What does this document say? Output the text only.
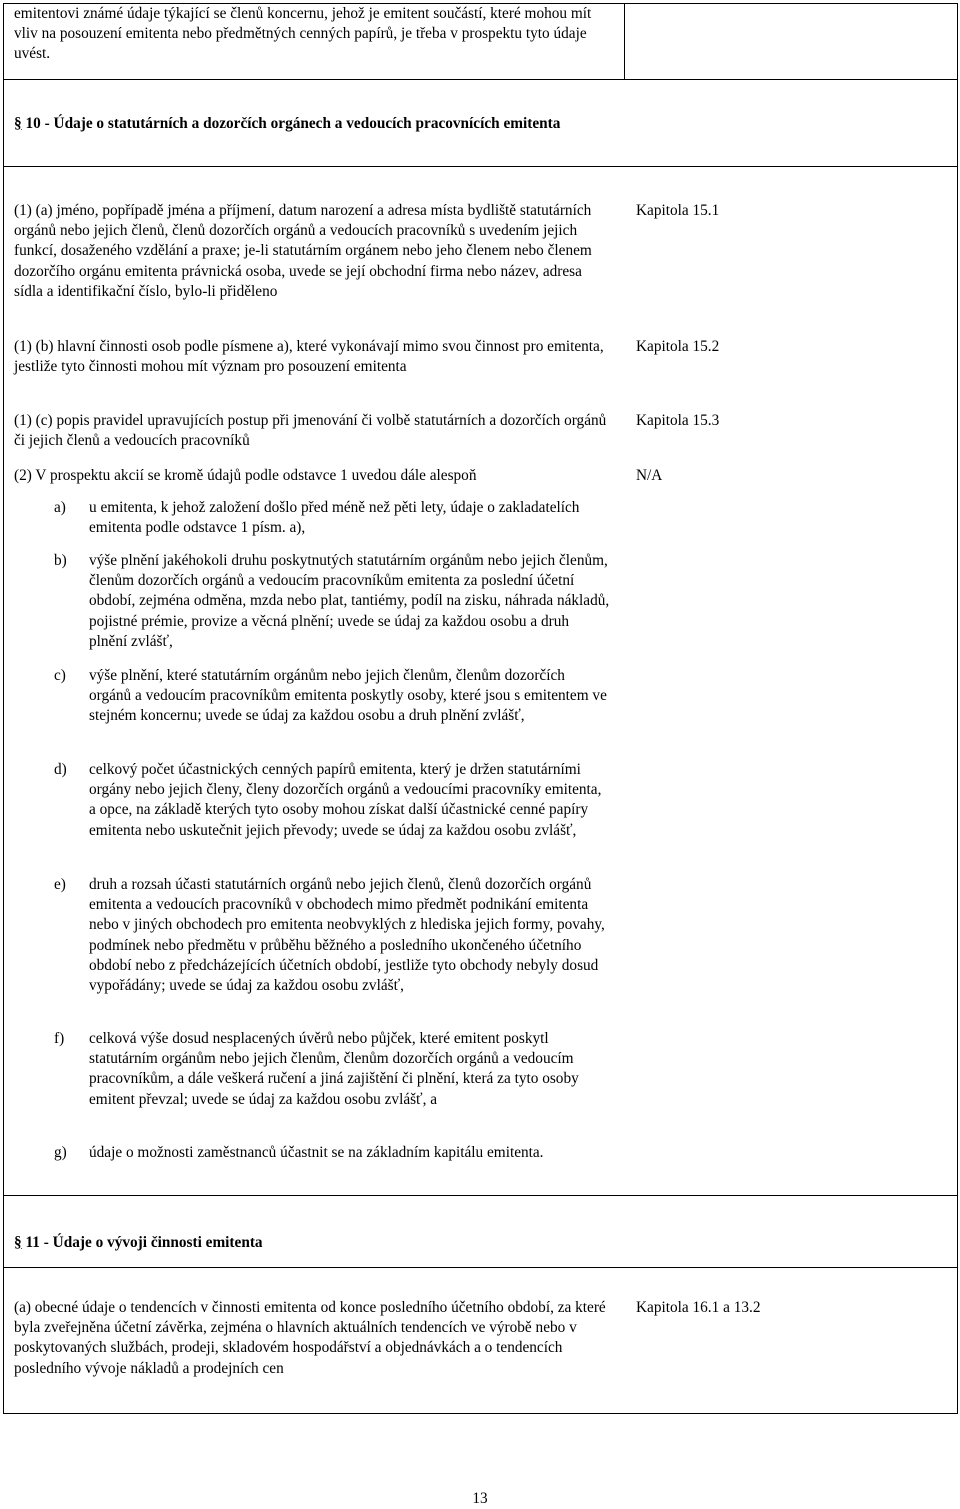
emitentovi známé údaje týkající se členů koncernu, jehož je emitent součástí, které mohou mít vliv na posouzení emitenta nebo předmětných cenných papírů, je třeba v prospektu tyto údaje uvést.
§ 10 - Údaje o statutárních a dozorčích orgánech a vedoucích pracovnících emitenta
(1) (a) jméno, popřípadě jména a příjmení, datum narození a adresa místa bydliště statutárních orgánů nebo jejich členů, členů dozorčích orgánů a vedoucích pracovníků s uvedením jejich funkcí, dosaženého vzdělání a praxe; je-li statutárním orgánem nebo jeho členem nebo členem dozorčího orgánu emitenta právnická osoba, uvede se její obchodní firma nebo název, adresa sídla a identifikační číslo, bylo-li přiděleno
Kapitola 15.1
(1) (b) hlavní činnosti osob podle písmene a), které vykonávají mimo svou činnost pro emitenta, jestliže tyto činnosti mohou mít význam pro posouzení emitenta
Kapitola 15.2
(1) (c) popis pravidel upravujících postup při jmenování či volbě statutárních a dozorčích orgánů či jejich členů a vedoucích pracovníků
Kapitola 15.3
(2) V prospektu akcií se kromě údajů podle odstavce 1 uvedou dále alespoň	N/A
a) u emitenta, k jehož založení došlo před méně než pěti lety, údaje o zakladatelích emitenta podle odstavce 1 písm. a),
b) výše plnění jakéhokoli druhu poskytnutých statutárním orgánům nebo jejich členům, členům dozorčích orgánů a vedoucím pracovníkům emitenta za poslední účetní období, zejména odměna, mzda nebo plat, tantiémy, podíl na zisku, náhrada nákladů, pojistné prémie, provize a věcná plnění; uvede se údaj za každou osobu a druh plnění zvlášť,
c) výše plnění, které statutárním orgánům nebo jejich členům, členům dozorčích orgánů a vedoucím pracovníkům emitenta poskytly osoby, které jsou s emitentem ve stejném koncernu; uvede se údaj za každou osobu a druh plnění zvlášť,
d) celkový počet účastnických cenných papírů emitenta, který je držen statutárními orgány nebo jejich členy, členy dozorčích orgánů a vedoucími pracovníky emitenta, a opce, na základě kterých tyto osoby mohou získat další účastnické cenné papíry emitenta nebo uskutečnit jejich převody; uvede se údaj za každou osobu zvlášť,
e) druh a rozsah účasti statutárních orgánů nebo jejich členů, členů dozorčích orgánů emitenta a vedoucích pracovníků v obchodech mimo předmět podnikání emitenta nebo v jiných obchodech pro emitenta neobvyklých z hlediska jejich formy, povahy, podmínek nebo předmětu v průběhu běžného a posledního ukončeného účetního období nebo z předcházejících účetních období, jestliže tyto obchody nebyly dosud vypořádány; uvede se údaj za každou osobu zvlášť,
f) celková výše dosud nesplacených úvěrů nebo půjček, které emitent poskytl statutárním orgánům nebo jejich členům, členům dozorčích orgánů a vedoucím pracovníkům, a dále veškerá ručení a jiná zajištění či plnění, která za tyto osoby emitent převzal; uvede se údaj za každou osobu zvlášť, a
g) údaje o možnosti zaměstnanců účastnit se na základním kapitálu emitenta.
§ 11 - Údaje o vývoji činnosti emitenta
(a) obecné údaje o tendencích v činnosti emitenta od konce posledního účetního období, za které byla zveřejněna účetní závěrka, zejména o hlavních aktuálních tendencích ve výrobě nebo v poskytovaných službách, prodeji, skladovém hospodářství a objednávkách a o tendencích posledního vývoje nákladů a prodejních cen
Kapitola 16.1 a 13.2
13
